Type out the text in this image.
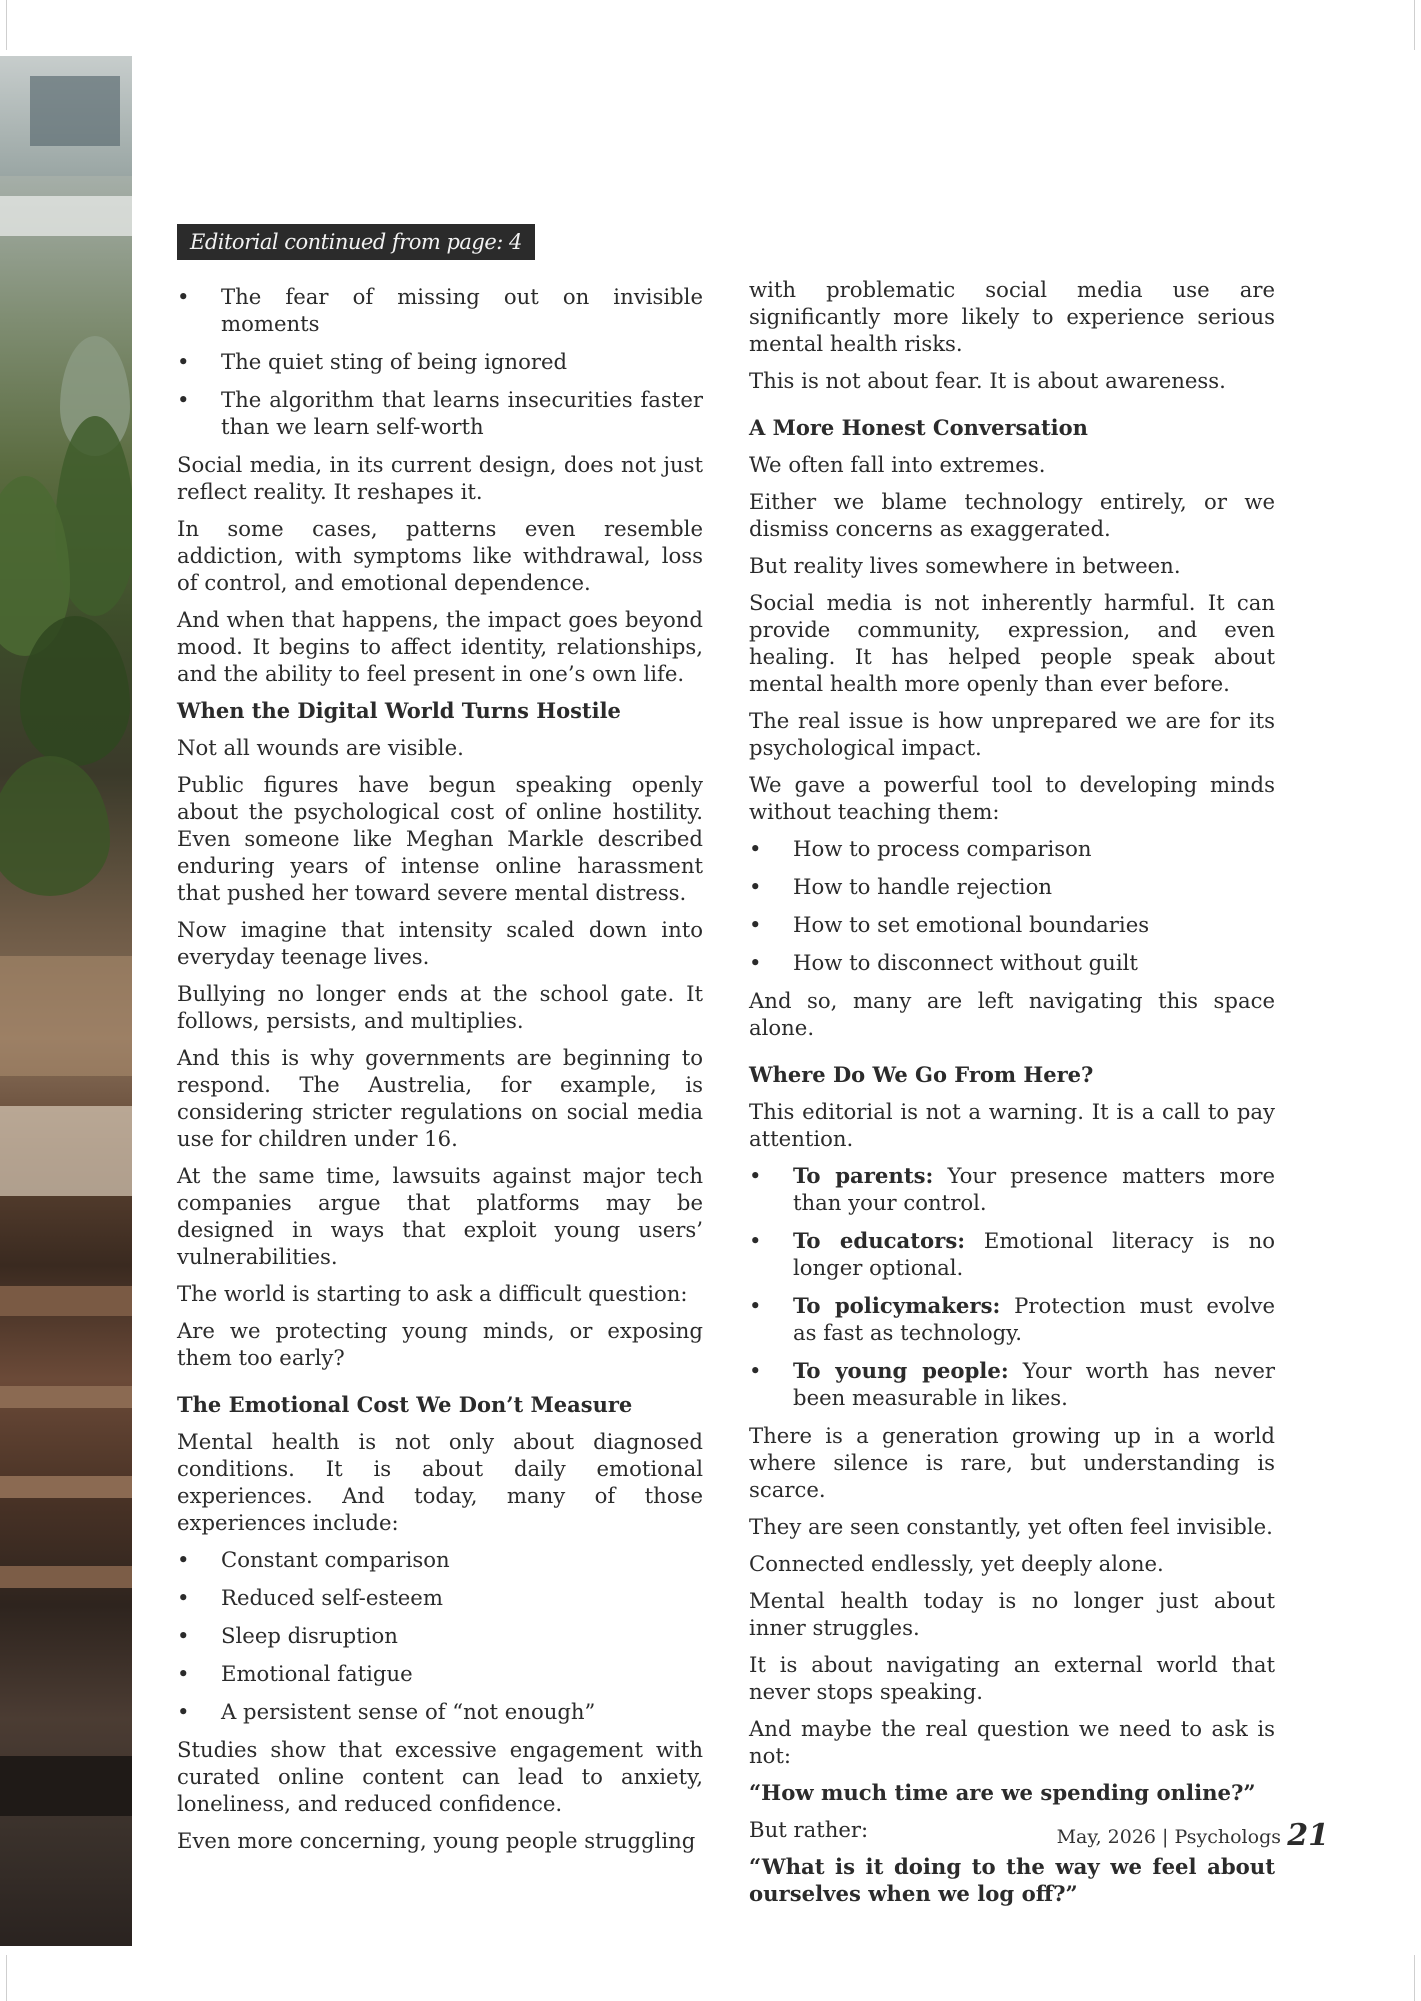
Editorial continued from page: 4
• The fear of missing out on invisible moments
• The quiet sting of being ignored
• The algorithm that learns insecurities faster than we learn self-worth

Social media, in its current design, does not just reflect reality. It reshapes it.

In some cases, patterns even resemble addiction, with symptoms like withdrawal, loss of control, and emotional dependence.

And when that happens, the impact goes beyond mood. It begins to affect identity, relationships, and the ability to feel present in one’s own life.

When the Digital World Turns Hostile

Not all wounds are visible.

Public figures have begun speaking openly about the psychological cost of online hostility. Even someone like Meghan Markle described enduring years of intense online harassment that pushed her toward severe mental distress.

Now imagine that intensity scaled down into everyday teenage lives.

Bullying no longer ends at the school gate. It follows, persists, and multiplies.

And this is why governments are beginning to respond. The Austrelia, for example, is considering stricter regulations on social media use for children under 16.

At the same time, lawsuits against major tech companies argue that platforms may be designed in ways that exploit young users’ vulnerabilities.

The world is starting to ask a difficult question:

Are we protecting young minds, or exposing them too early?

The Emotional Cost We Don’t Measure

Mental health is not only about diagnosed conditions. It is about daily emotional experiences. And today, many of those experiences include:

• Constant comparison
• Reduced self-esteem
• Sleep disruption
• Emotional fatigue
• A persistent sense of “not enough”

Studies show that excessive engagement with curated online content can lead to anxiety, loneliness, and reduced confidence.

Even more concerning, young people struggling

with problematic social media use are significantly more likely to experience serious mental health risks.

This is not about fear. It is about awareness.

A More Honest Conversation

We often fall into extremes.

Either we blame technology entirely, or we dismiss concerns as exaggerated.

But reality lives somewhere in between.

Social media is not inherently harmful. It can provide community, expression, and even healing. It has helped people speak about mental health more openly than ever before.

The real issue is how unprepared we are for its psychological impact.

We gave a powerful tool to developing minds without teaching them:

• How to process comparison
• How to handle rejection
• How to set emotional boundaries
• How to disconnect without guilt

And so, many are left navigating this space alone.

Where Do We Go From Here?

This editorial is not a warning. It is a call to pay attention.

• To parents: Your presence matters more than your control.
• To educators: Emotional literacy is no longer optional.
• To policymakers: Protection must evolve as fast as technology.
• To young people: Your worth has never been measurable in likes.

There is a generation growing up in a world where silence is rare, but understanding is scarce.

They are seen constantly, yet often feel invisible.

Connected endlessly, yet deeply alone.

Mental health today is no longer just about inner struggles.

It is about navigating an external world that never stops speaking.

And maybe the real question we need to ask is not:

“How much time are we spending online?”

But rather:

“What is it doing to the way we feel about ourselves when we log off?”

May, 2026 | Psychologs 21
